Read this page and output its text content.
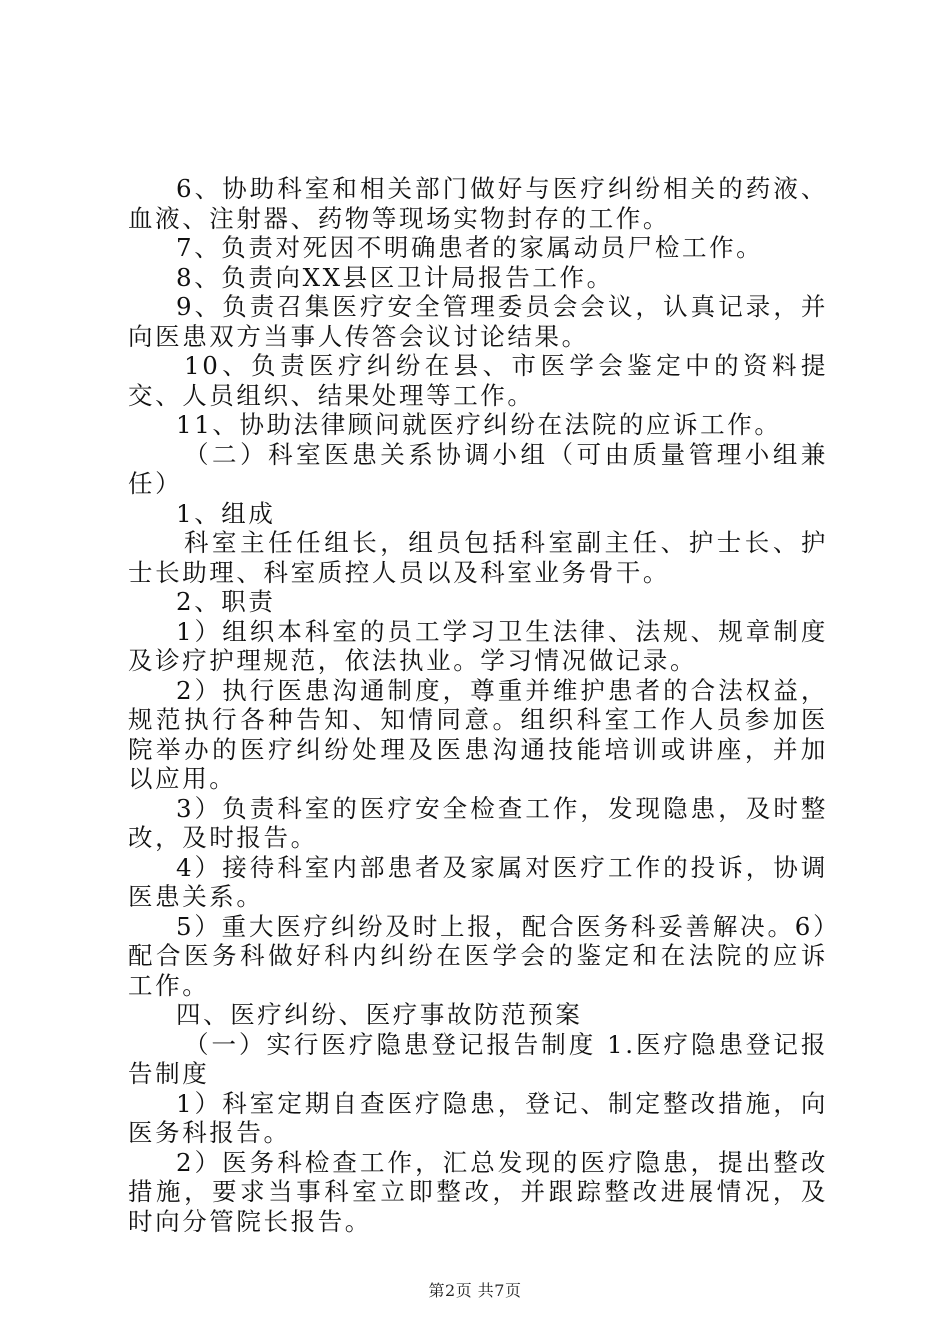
6、协助科室和相关部门做好与医疗纠纷相关的药液、血液、注射器、药物等现场实物封存的工作。

7、负责对死因不明确患者的家属动员尸检工作。

8、负责向XX县区卫计局报告工作。

9、负责召集医疗安全管理委员会会议，认真记录，并向医患双方当事人传答会议讨论结果。

10、负责医疗纠纷在县、市医学会鉴定中的资料提交、人员组织、结果处理等工作。

11、协助法律顾问就医疗纠纷在法院的应诉工作。

（二）科室医患关系协调小组（可由质量管理小组兼任）

1、组成

科室主任任组长，组员包括科室副主任、护士长、护士长助理、科室质控人员以及科室业务骨干。

2、职责

1）组织本科室的员工学习卫生法律、法规、规章制度及诊疗护理规范，依法执业。学习情况做记录。

2）执行医患沟通制度，尊重并维护患者的合法权益，规范执行各种告知、知情同意。组织科室工作人员参加医院举办的医疗纠纷处理及医患沟通技能培训或讲座，并加以应用。

3）负责科室的医疗安全检查工作，发现隐患，及时整改，及时报告。

4）接待科室内部患者及家属对医疗工作的投诉，协调医患关系。

5）重大医疗纠纷及时上报，配合医务科妥善解决。6）配合医务科做好科内纠纷在医学会的鉴定和在法院的应诉工作。

四、医疗纠纷、医疗事故防范预案

（一）实行医疗隐患登记报告制度 1.医疗隐患登记报告制度

1）科室定期自查医疗隐患，登记、制定整改措施，向医务科报告。

2）医务科检查工作，汇总发现的医疗隐患，提出整改措施，要求当事科室立即整改，并跟踪整改进展情况，及时向分管院长报告。

第2页 共7页
